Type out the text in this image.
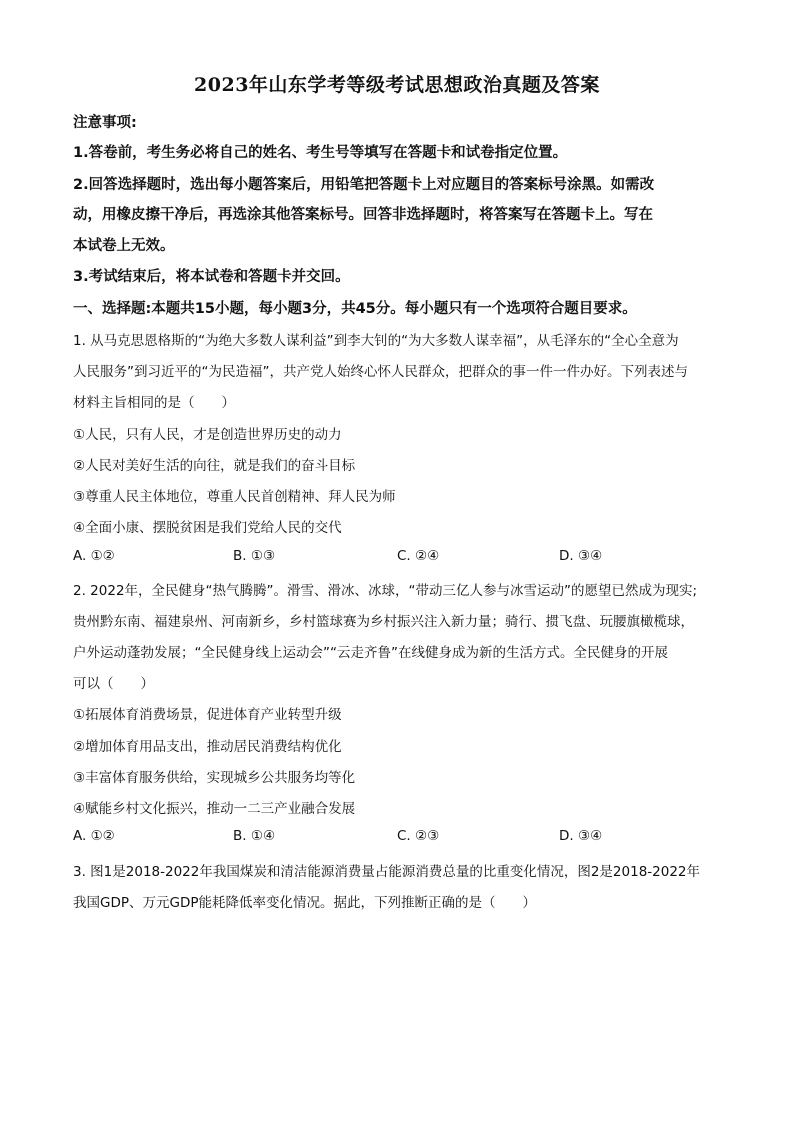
2023年山东学考等级考试思想政治真题及答案
注意事项:
1.答卷前，考生务必将自己的姓名、考生号等填写在答题卡和试卷指定位置。
2.回答选择题时，选出每小题答案后，用铅笔把答题卡上对应题目的答案标号涂黑。如需改
动，用橡皮擦干净后，再选涂其他答案标号。回答非选择题时，将答案写在答题卡上。写在
本试卷上无效。
3.考试结束后，将本试卷和答题卡并交回。
一、选择题:本题共15小题，每小题3分，共45分。每小题只有一个选项符合题目要求。
1. 从马克思恩格斯的“为绝大多数人谋利益”到李大钊的“为大多数人谋幸福”，从毛泽东的“全心全意为
人民服务”到习近平的“为民造福”，共产党人始终心怀人民群众，把群众的事一件一件办好。下列表述与
材料主旨相同的是（　　）
①人民，只有人民，才是创造世界历史的动力
②人民对美好生活的向往，就是我们的奋斗目标
③尊重人民主体地位，尊重人民首创精神、拜人民为师
④全面小康、摆脱贫困是我们党给人民的交代
A. ①②	B. ①③	C. ②④	D. ③④
2. 2022年，全民健身“热气腾腾”。滑雪、滑冰、冰球，“带动三亿人参与冰雪运动”的愿望已然成为现实;
贵州黔东南、福建泉州、河南新乡，乡村篮球赛为乡村振兴注入新力量；骑行、掼飞盘、玩腰旗橄榄球，
户外运动蓬勃发展；“全民健身线上运动会”“云走齐鲁”在线健身成为新的生活方式。全民健身的开展
可以（　　）
①拓展体育消费场景，促进体育产业转型升级
②增加体育用品支出，推动居民消费结构优化
③丰富体育服务供给，实现城乡公共服务均等化
④赋能乡村文化振兴，推动一二三产业融合发展
A. ①②	B. ①④	C. ②③	D. ③④
3. 图1是2018-2022年我国煤炭和清洁能源消费量占能源消费总量的比重变化情况，图2是2018-2022年
我国GDP、万元GDP能耗降低率变化情况。据此，下列推断正确的是（　　）
